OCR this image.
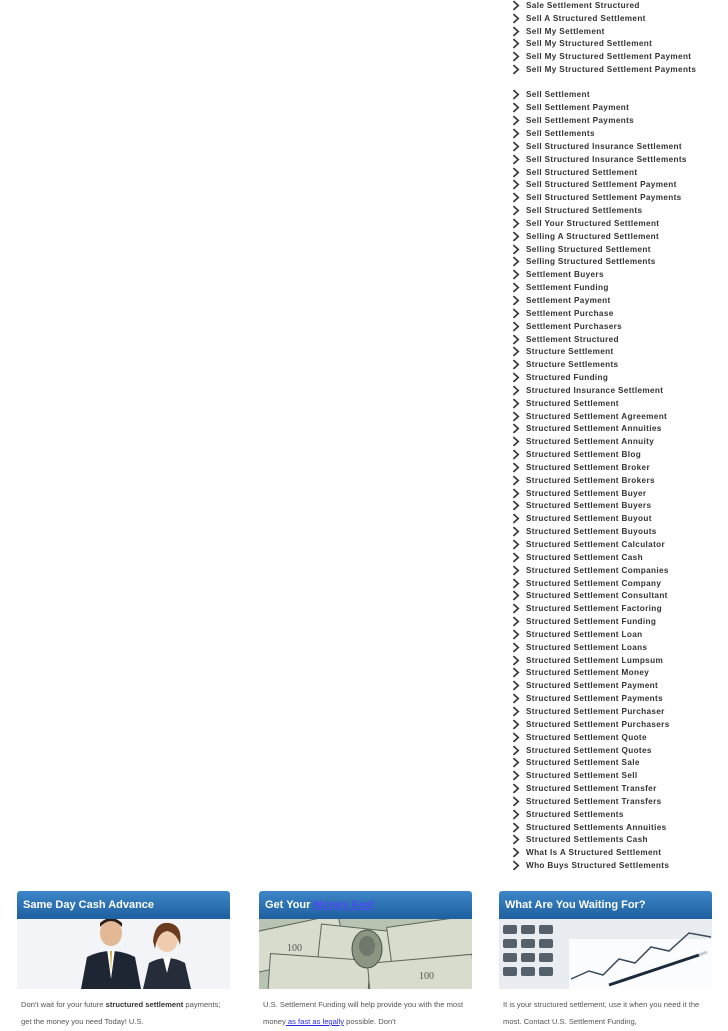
Sale Settlement Structured
Sell A Structured Settlement
Sell My Settlement
Sell My Structured Settlement
Sell My Structured Settlement Payment
Sell My Structured Settlement Payments
Sell Settlement
Sell Settlement Payment
Sell Settlement Payments
Sell Settlements
Sell Structured Insurance Settlement
Sell Structured Insurance Settlements
Sell Structured Settlement
Sell Structured Settlement Payment
Sell Structured Settlement Payments
Sell Structured Settlements
Sell Your Structured Settlement
Selling A Structured Settlement
Selling Structured Settlement
Selling Structured Settlements
Settlement Buyers
Settlement Funding
Settlement Payment
Settlement Purchase
Settlement Purchasers
Settlement Structured
Structure Settlement
Structure Settlements
Structured Funding
Structured Insurance Settlement
Structured Settlement
Structured Settlement Agreement
Structured Settlement Annuities
Structured Settlement Annuity
Structured Settlement Blog
Structured Settlement Broker
Structured Settlement Brokers
Structured Settlement Buyer
Structured Settlement Buyers
Structured Settlement Buyout
Structured Settlement Buyouts
Structured Settlement Calculator
Structured Settlement Cash
Structured Settlement Companies
Structured Settlement Company
Structured Settlement Consultant
Structured Settlement Factoring
Structured Settlement Funding
Structured Settlement Loan
Structured Settlement Loans
Structured Settlement Lumpsum
Structured Settlement Money
Structured Settlement Payment
Structured Settlement Payments
Structured Settlement Purchaser
Structured Settlement Purchasers
Structured Settlement Quote
Structured Settlement Quotes
Structured Settlement Sale
Structured Settlement Sell
Structured Settlement Transfer
Structured Settlement Transfers
Structured Settlements
Structured Settlements Annuities
Structured Settlements Cash
What Is A Structured Settlement
Who Buys Structured Settlements
Same Day Cash Advance
Don't wait for your future structured settlement payments; get the money you need Today! U.S.
Get Your Money Fast
100
100
U.S. Settlement Funding will help provide you with the most money as fast as legally possible. Don't
What Are You Waiting For?
It is your structured settlement, use it when you need it the most. Contact U.S. Settlement Funding,
